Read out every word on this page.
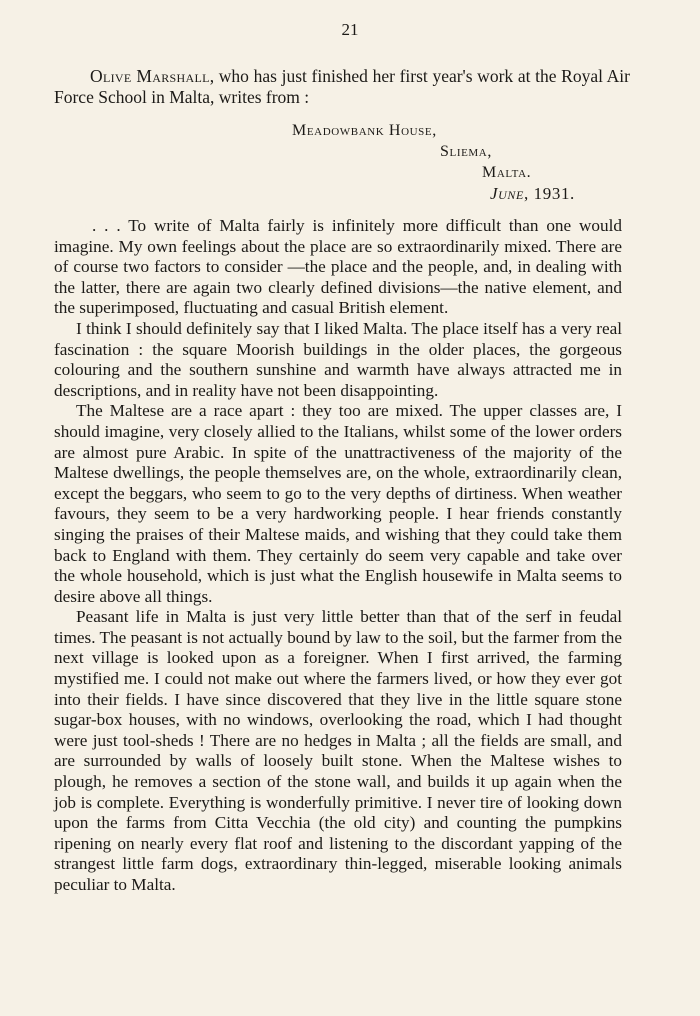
21
Olive Marshall, who has just finished her first year's work at the Royal Air Force School in Malta, writes from :
Meadowbank House,
Sliema,
Malta.
June, 1931.

. . . To write of Malta fairly is infinitely more difficult than one would imagine. My own feelings about the place are so extraordinarily mixed. There are of course two factors to consider —the place and the people, and, in dealing with the latter, there are again two clearly defined divisions—the native element, and the superimposed, fluctuating and casual British element.

I think I should definitely say that I liked Malta. The place itself has a very real fascination : the square Moorish buildings in the older places, the gorgeous colouring and the southern sunshine and warmth have always attracted me in descriptions, and in reality have not been disappointing.

The Maltese are a race apart : they too are mixed. The upper classes are, I should imagine, very closely allied to the Italians, whilst some of the lower orders are almost pure Arabic. In spite of the unattractiveness of the majority of the Maltese dwellings, the people themselves are, on the whole, extraordinarily clean, except the beggars, who seem to go to the very depths of dirtiness. When weather favours, they seem to be a very hardworking people. I hear friends constantly singing the praises of their Maltese maids, and wishing that they could take them back to England with them. They certainly do seem very capable and take over the whole household, which is just what the English housewife in Malta seems to desire above all things.

Peasant life in Malta is just very little better than that of the serf in feudal times. The peasant is not actually bound by law to the soil, but the farmer from the next village is looked upon as a foreigner. When I first arrived, the farming mystified me. I could not make out where the farmers lived, or how they ever got into their fields. I have since discovered that they live in the little square stone sugar-box houses, with no windows, overlooking the road, which I had thought were just tool-sheds ! There are no hedges in Malta ; all the fields are small, and are surrounded by walls of loosely built stone. When the Maltese wishes to plough, he removes a section of the stone wall, and builds it up again when the job is complete. Everything is wonderfully primitive. I never tire of looking down upon the farms from Citta Vecchia (the old city) and counting the pumpkins ripening on nearly every flat roof and listening to the discordant yapping of the strangest little farm dogs, extraordinary thin-legged, miserable looking animals peculiar to Malta.
